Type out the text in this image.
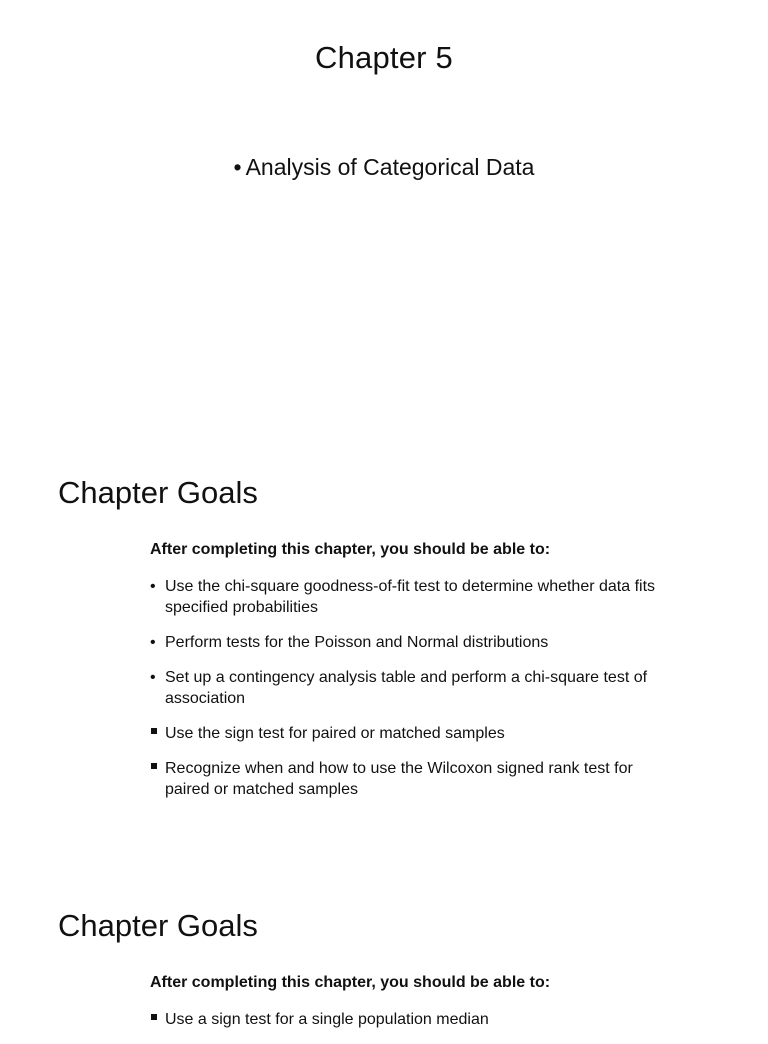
Chapter 5
• Analysis of Categorical Data
Chapter Goals
After completing this chapter, you should be able to:
• Use the chi-square goodness-of-fit test to determine whether data fits specified probabilities
• Perform tests for the Poisson and Normal distributions
• Set up a contingency analysis table and perform a chi-square test of association
Use the sign test for paired or matched samples
Recognize when and how to use the Wilcoxon signed rank test for paired or matched samples
Chapter Goals
After completing this chapter, you should be able to:
Use a sign test for a single population median
